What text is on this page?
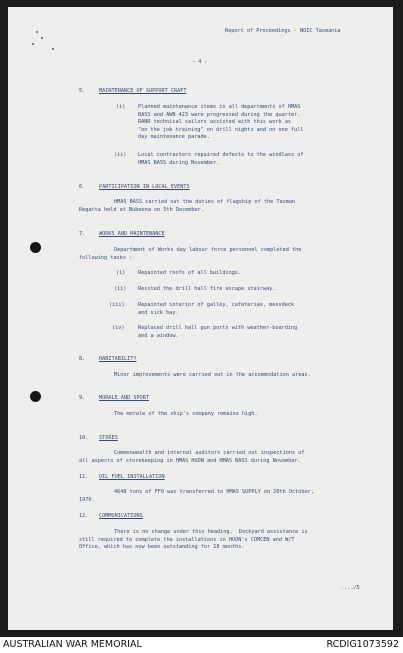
Report of Proceedings - NOIC Tasmania
- 4 -
5.	MAINTENANCE OF SUPPORT CRAFT
(i) Planned maintenance items in all departments of HMAS
BASS and AWB 423 were progressed during the quarter.
RANR technical sailors assisted with this work as
"on the job training" on drill nights and on one full
day maintenance parade.
(ii) Local contractors repaired defects to the windlass of
HMAS BASS during November.
6.	PARTICIPATION IN LOCAL EVENTS
HMAS BASS carried out the duties of flagship of the Tasman
Regatta held at Nubeena on 5th December.
7.	WORKS AND MAINTENANCE
Department of Works day labour force personnel completed the
following tasks :
(i) Repainted roofs of all buildings.
(ii) Resited the drill hall fire escape stairway.
(iii)	Repainted interior of galley, cafeterias, messdeck
and sick bay.
(iv)	Replaced drill hall gun ports with weather-boarding
and a window.
8.	HABITABILITY
Minor improvements were carried out in the accommodation areas.
9.	MORALE AND SPORT
The morale of the ship's company remains high.
10. STORES
Commonwealth and internal auditors carried out inspections of
all aspects of storekeeping in HMAS HUON and HMAS BASS during November.
11. OIL FUEL INSTALLATION
4648 tons of FFO was transferred to HMAS SUPPLY on 20th October,
1970.
12. COMMUNICATIONS
There is no change under this heading.  Dockyard assistance is
still required to complete the installations in HUON's COMCEN and W/T
Office, which has now been outstanding for 18 months.
..../5
AUSTRALIAN WAR MEMORIAL	RCDIG1073592
